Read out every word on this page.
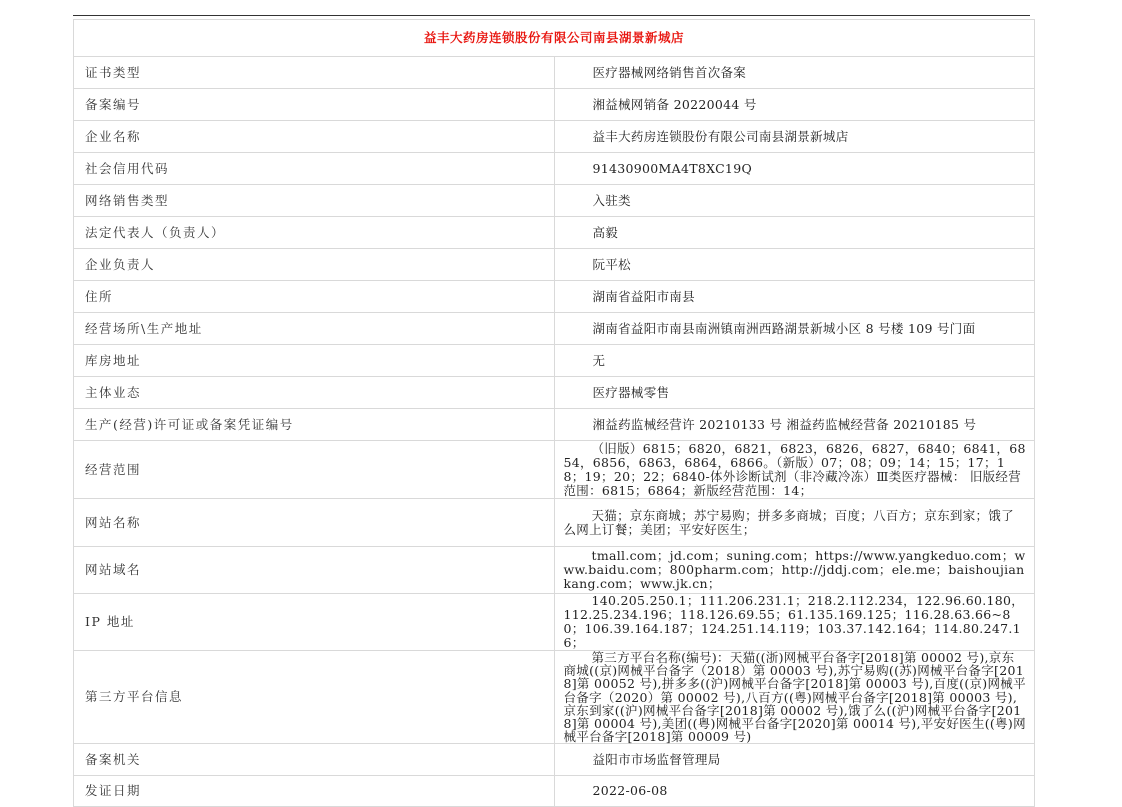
益丰大药房连锁股份有限公司南县湖景新城店	
证书类型	医疗器械网络销售首次备案
备案编号	湘益械网销备 20220044 号
企业名称	益丰大药房连锁股份有限公司南县湖景新城店
社会信用代码	91430900MA4T8XC19Q
网络销售类型	入驻类
法定代表人（负责人）	高毅
企业负责人	阮平松
住所	湖南省益阳市南县
经营场所\生产地址	湖南省益阳市南县南洲镇南洲西路湖景新城小区 8 号楼 109 号门面
库房地址	无
主体业态	医疗器械零售
生产(经营)许可证或备案凭证编号	湘益药监械经营许 20210133 号 湘益药监械经营备 20210185 号
经营范围	（旧版）6815；6820，6821，6823，6826，6827，6840；6841，6854，6856，6863，6864，6866。（新版）07；08；09；14；15；17；18；19；20；22；6840-体外诊断试剂（非冷藏冷冻）Ⅲ类医疗器械： 旧版经营范围：6815；6864；新版经营范围：14；

网站名称	天猫；京东商城；苏宁易购；拼多多商城；百度；八百方；京东到家；饿了么网上订餐；美团；平安好医生；

网站域名	tmall.com；jd.com；suning.com；https://www.yangkeduo.com；www.baidu.com；800pharm.com；http://jddj.com；ele.me；baishoujiankang.com；www.jk.cn；

IP 地址	140.205.250.1；111.206.231.1；218.2.112.234，122.96.60.180，112.25.234.196；118.126.69.55；61.135.169.125；116.28.63.66~80；106.39.164.187；124.251.14.119；103.37.142.164；114.80.247.16；

第三方平台信息	第三方平台名称(编号)：天猫((浙)网械平台备字[2018]第 00002 号),京东商城((京)网械平台备字（2018）第 00003 号),苏宁易购((苏)网械平台备字[2018]第 00052 号),拼多多((沪)网械平台备字[2018]第 00003 号),百度((京)网械平台备字（2020）第 00002 号),八百方((粤)网械平台备字[2018]第 00003 号),京东到家((沪)网械平台备字[2018]第 00002 号),饿了么((沪)网械平台备字[2018]第 00004 号),美团((粤)网械平台备字[2020]第 00014 号),平安好医生((粤)网械平台备字[2018]第 00009 号)

备案机关	益阳市市场监督管理局
发证日期	2022-06-08
